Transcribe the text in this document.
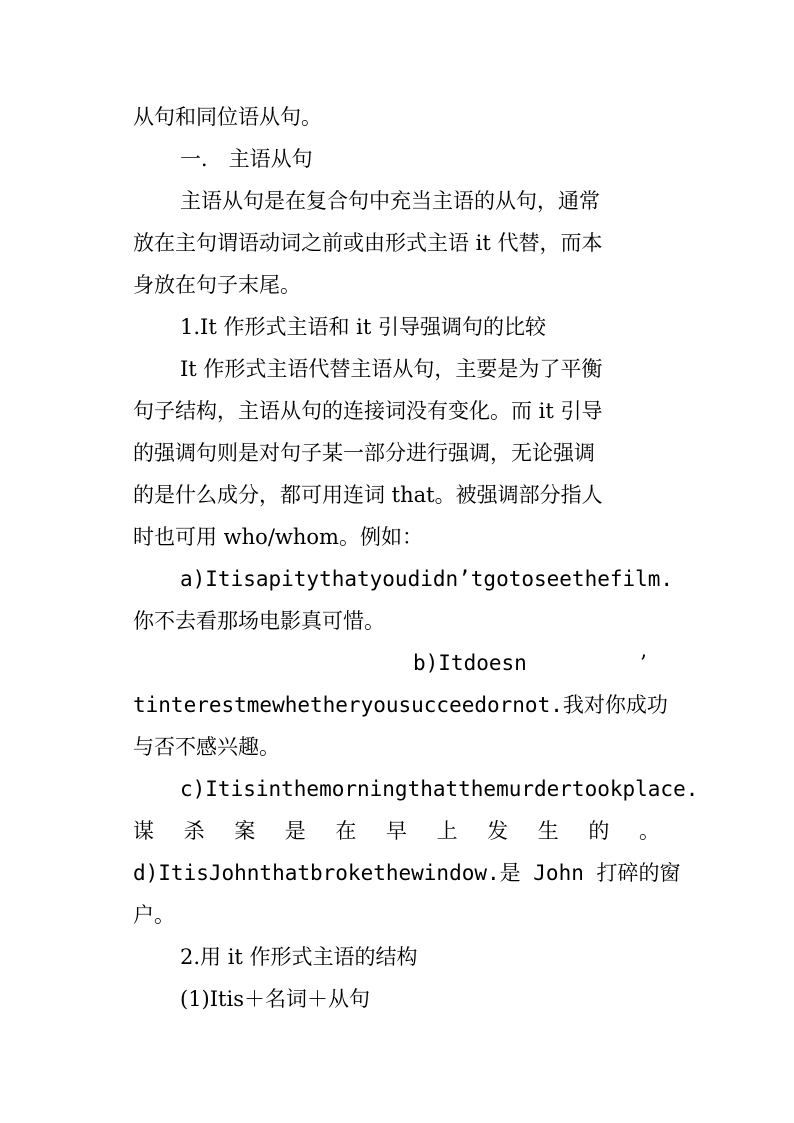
从句和同位语从句。
一． 主语从句
主语从句是在复合句中充当主语的从句，通常
放在主句谓语动词之前或由形式主语 it 代替，而本
身放在句子末尾。
1.It 作形式主语和 it 引导强调句的比较
It 作形式主语代替主语从句，主要是为了平衡
句子结构，主语从句的连接词没有变化。而 it 引导
的强调句则是对句子某一部分进行强调，无论强调
的是什么成分，都可用连词 that。被强调部分指人
时也可用 who/whom。例如：
a)Itisapitythatyoudidn’tgotoseethefilm.
你不去看那场电影真可惜。
b)Itdoesn	’
tinterestmewhetheryousucceedornot.我对你成功
与否不感兴趣。
c)Itisinthemorningthatthemurdertookplace.
谋 杀 案 是 在 早 上 发 生 的 。
d)ItisJohnthatbrokethewindow.是 John 打碎的窗
户。
2.用 it 作形式主语的结构
(1)Itis＋名词＋从句
